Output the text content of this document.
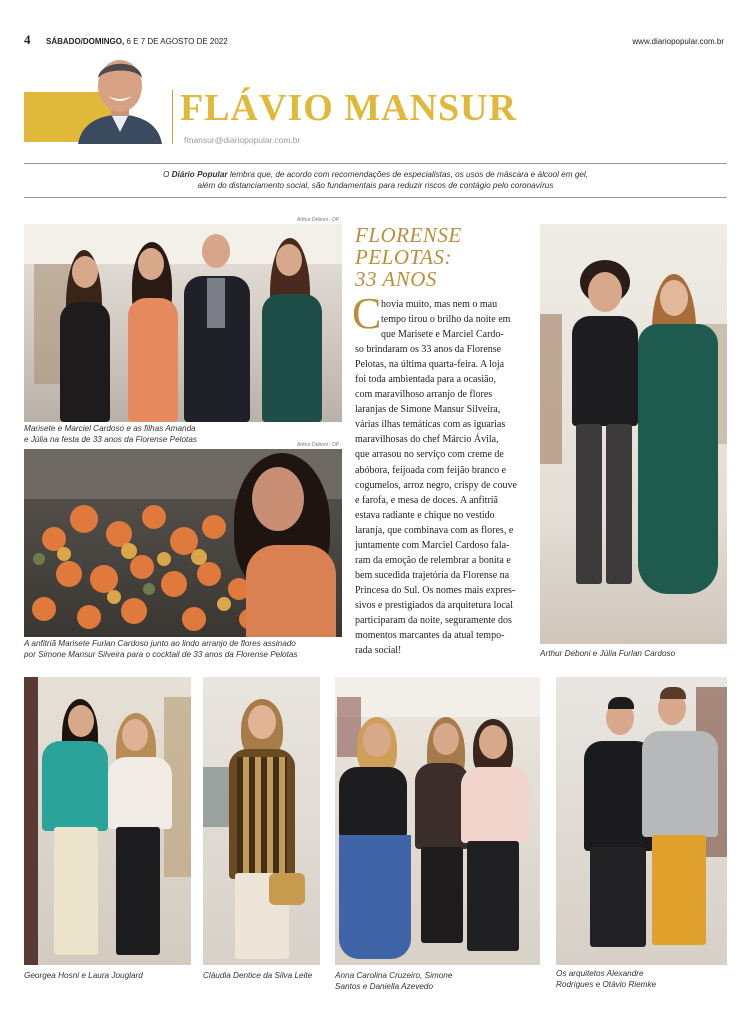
4 SÁBADO/DOMINGO, 6 E 7 DE AGOSTO DE 2022	www.diariopopular.com.br
FLÁVIO MANSUR
fmansur@diariopopular.com.br
O Diário Popular lembra que, de acordo com recomendações de especialistas, os usos de máscara e álcool em gel,
além do distanciamento social, são fundamentais para reduzir riscos de contágio pelo coronavírus
Arthur Deboni - DP
Marisete e Marciel Cardoso e as filhas Amanda
e Júlia na festa de 33 anos da Florense Pelotas
Arthur Deboni - DP
A anfitriã Marisete Furlan Cardoso junto ao lindo arranjo de flores assinado
por Simone Mansur Silveira para o cocktail de 33 anos da Florense Pelotas
FLORENSE
PELOTAS:
33 ANOS
C hovia muito, mas nem o mau
tempo tirou o brilho da noite em
que Marisete e Marciel Cardo-
so brindaram os 33 anos da Florense
Pelotas, na última quarta-feira. A loja
foi toda ambientada para a ocasião,
com maravilhoso arranjo de flores
laranjas de Simone Mansur Silveira,
várias ilhas temáticas com as iguarias
maravilhosas do chef Márcio Ávila,
que arrasou no serviço com creme de
abóbora, feijoada com feijão branco e
cogumelos, arroz negro, crispy de couve
e farofa, e mesa de doces. A anfitriã
estava radiante e chique no vestido
laranja, que combinava com as flores, e
juntamente com Marciel Cardoso fala-
ram da emoção de relembrar a bonita e
bem sucedida trajetória da Florense na
Princesa do Sul. Os nomes mais expres-
sivos e prestigiados da arquitetura local
participaram da noite, seguramente dos
momentos marcantes da atual tempo-
rada social!	Arthur Deboni e Júlia Furlan Cardoso
Georgea Hosni e Laura Jouglard	Cláudia Dentice da Silva Leite	Anna Carolina Cruzeiro, Simone
Santos e Daniella Azevedo
Os arquitetos Alexandre
Rodrigues e Otávio Riemke
